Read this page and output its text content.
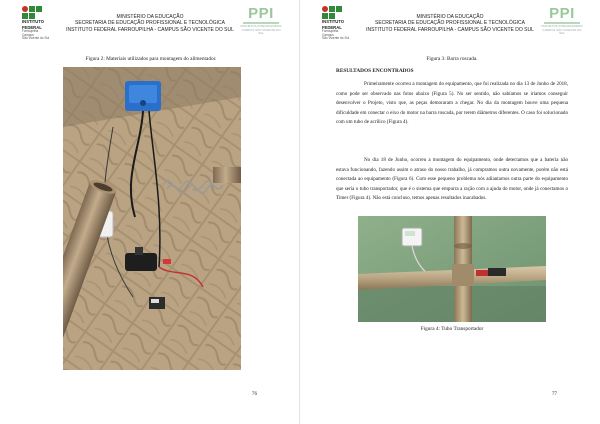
INSTITUTO
FEDERAL
Farroupilha
Campus
São Vicente do Sul
MINISTÉRIO DA EDUCAÇÃO
SECRETARIA DE EDUCAÇÃO PROFISSIONAL E TECNOLÓGICA
INSTITUTO FEDERAL FARROUPILHA - CAMPUS SÃO VICENTE DO SUL
PPI
PROJETOS INTEGRADORES
CAMPUS SÃO VICENTE DO SUL
Figura 2: Materiais utilizados para montagem do alimentador.
76
INSTITUTO
FEDERAL
Farroupilha
Campus
São Vicente do Sul
MINISTÉRIO DA EDUCAÇÃO
SECRETARIA DE EDUCAÇÃO PROFISSIONAL E TECNOLÓGICA
INSTITUTO FEDERAL FARROUPILHA - CAMPUS SÃO VICENTE DO SUL
PPI
PROJETOS INTEGRADORES
CAMPUS SÃO VICENTE DO SUL
Figura 3: Barra roscada.
RESULTADOS ENCONTRADOS
Primeiramente ocorreu a montagem do equipamento, que foi realizada no dia 13 de Junho de 2018, como pode ser observado nas fotos abaixo (Figura 5). No ser sentido, não sabíamos se iríamos conseguir desenvolver o Projeto, visto que, as peças demoraram a chegar. No dia da montagem houve uma pequena dificuldade em conectar o eixo do motor na barra roscada, por terem diâmetros diferentes. O caso foi solucionado com um tubo de acrílico (Figura 4).
No dia 18 de Junho, ocorreu a montagem do equipamento, onde detectamos que a bateria não estava funcionando, fazendo assim o atraso do nosso trabalho, já compramos outra novamente, porém não está conectada ao equipamento (Figura 6). Com esse pequeno problema nós adiantamos outra parte do equipamento que seria o tubo transportador, que é o sistema que empurra a ração com a ajuda do motor, onde já conectamos o Timer (Figura 4). Não está concluso, temos apenas resultados inacabados.
Figura 4: Tubo Transportador
77
